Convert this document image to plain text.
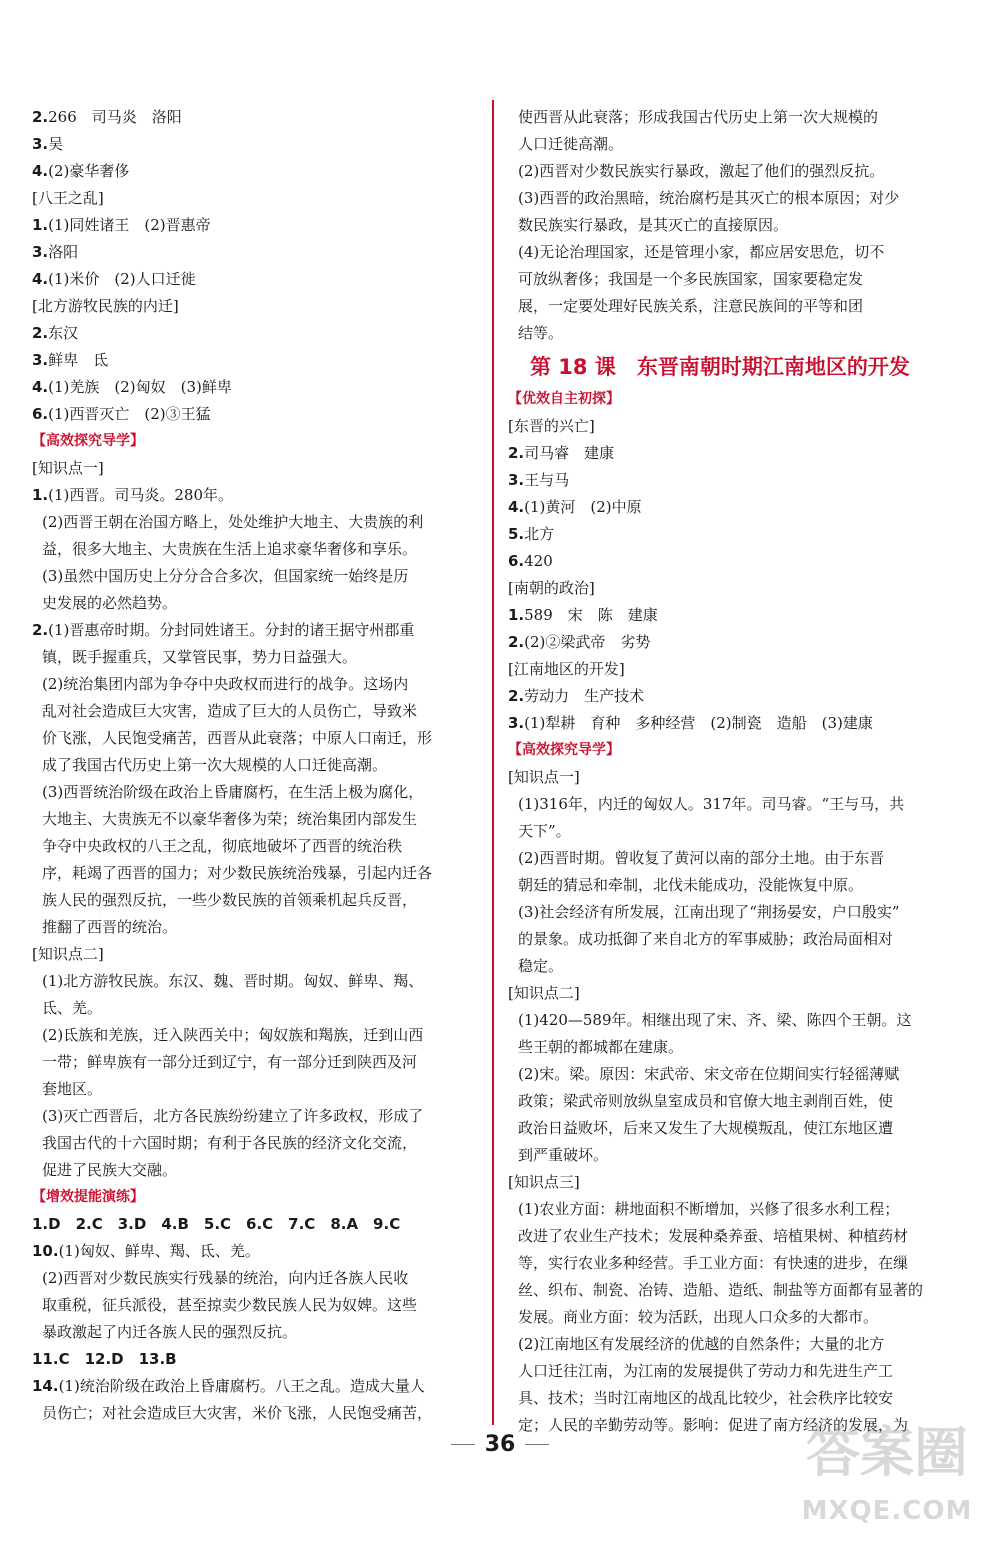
2.266　司马炎　洛阳
3.吴
4.(2)豪华奢侈
[八王之乱]
1.(1)同姓诸王　(2)晋惠帝
3.洛阳
4.(1)米价　(2)人口迁徙
[北方游牧民族的内迁]
2.东汉
3.鲜卑　氐
4.(1)羌族　(2)匈奴　(3)鲜卑
6.(1)西晋灭亡　(2)③王猛
【高效探究导学】
[知识点一]
1.(1)西晋。司马炎。280年。
(2)西晋王朝在治国方略上，处处维护大地主、大贵族的利
益，很多大地主、大贵族在生活上追求豪华奢侈和享乐。
(3)虽然中国历史上分分合合多次，但国家统一始终是历
史发展的必然趋势。
2.(1)晋惠帝时期。分封同姓诸王。分封的诸王据守州郡重
镇，既手握重兵，又掌管民事，势力日益强大。
(2)统治集团内部为争夺中央政权而进行的战争。这场内
乱对社会造成巨大灾害，造成了巨大的人员伤亡，导致米
价飞涨，人民饱受痛苦，西晋从此衰落；中原人口南迁，形
成了我国古代历史上第一次大规模的人口迁徙高潮。
(3)西晋统治阶级在政治上昏庸腐朽，在生活上极为腐化，
大地主、大贵族无不以豪华奢侈为荣；统治集团内部发生
争夺中央政权的八王之乱，彻底地破坏了西晋的统治秩
序，耗竭了西晋的国力；对少数民族统治残暴，引起内迁各
族人民的强烈反抗，一些少数民族的首领乘机起兵反晋，
推翻了西晋的统治。
[知识点二]
(1)北方游牧民族。东汉、魏、晋时期。匈奴、鲜卑、羯、
氐、羌。
(2)氐族和羌族，迁入陕西关中；匈奴族和羯族，迁到山西
一带；鲜卑族有一部分迁到辽宁，有一部分迁到陕西及河
套地区。
(3)灭亡西晋后，北方各民族纷纷建立了许多政权，形成了
我国古代的十六国时期；有利于各民族的经济文化交流，
促进了民族大交融。
【增效提能演练】
1.D　2.C　3.D　4.B　5.C　6.C　7.C　8.A　9.C
10.(1)匈奴、鲜卑、羯、氐、羌。
(2)西晋对少数民族实行残暴的统治，向内迁各族人民收
取重税，征兵派役，甚至掠卖少数民族人民为奴婢。这些
暴政激起了内迁各族人民的强烈反抗。
11.C　12.D　13.B
14.(1)统治阶级在政治上昏庸腐朽。八王之乱。造成大量人
员伤亡；对社会造成巨大灾害，米价飞涨，人民饱受痛苦，
使西晋从此衰落；形成我国古代历史上第一次大规模的
人口迁徙高潮。
(2)西晋对少数民族实行暴政，激起了他们的强烈反抗。
(3)西晋的政治黑暗，统治腐朽是其灭亡的根本原因；对少
数民族实行暴政，是其灭亡的直接原因。
(4)无论治理国家，还是管理小家，都应居安思危，切不
可放纵奢侈；我国是一个多民族国家，国家要稳定发
展，一定要处理好民族关系，注意民族间的平等和团
结等。
第 18 课　东晋南朝时期江南地区的开发
【优效自主初探】
[东晋的兴亡]
2.司马睿　建康
3.王与马
4.(1)黄河　(2)中原
5.北方
6.420
[南朝的政治]
1.589　宋　陈　建康
2.(2)②梁武帝　劣势
[江南地区的开发]
2.劳动力　生产技术
3.(1)犁耕　育种　多种经营　(2)制瓷　造船　(3)建康
【高效探究导学】
[知识点一]
(1)316年，内迁的匈奴人。317年。司马睿。“王与马，共
天下”。
(2)西晋时期。曾收复了黄河以南的部分土地。由于东晋
朝廷的猜忌和牵制，北伐未能成功，没能恢复中原。
(3)社会经济有所发展，江南出现了“荆扬晏安，户口殷实”
的景象。成功抵御了来自北方的军事威胁；政治局面相对
稳定。
[知识点二]
(1)420—589年。相继出现了宋、齐、梁、陈四个王朝。这
些王朝的都城都在建康。
(2)宋。梁。原因：宋武帝、宋文帝在位期间实行轻徭薄赋
政策；梁武帝则放纵皇室成员和官僚大地主剥削百姓，使
政治日益败坏，后来又发生了大规模叛乱，使江东地区遭
到严重破坏。
[知识点三]
(1)农业方面：耕地面积不断增加，兴修了很多水利工程；
改进了农业生产技术；发展种桑养蚕、培植果树、种植药材
等，实行农业多种经营。手工业方面：有快速的进步，在缫
丝、织布、制瓷、冶铸、造船、造纸、制盐等方面都有显著的
发展。商业方面：较为活跃，出现人口众多的大都市。
(2)江南地区有发展经济的优越的自然条件；大量的北方
人口迁往江南，为江南的发展提供了劳动力和先进生产工
具、技术；当时江南地区的战乱比较少，社会秩序比较安
定；人民的辛勤劳动等。影响：促进了南方经济的发展，为
36	答案圈
MXQE.COM
